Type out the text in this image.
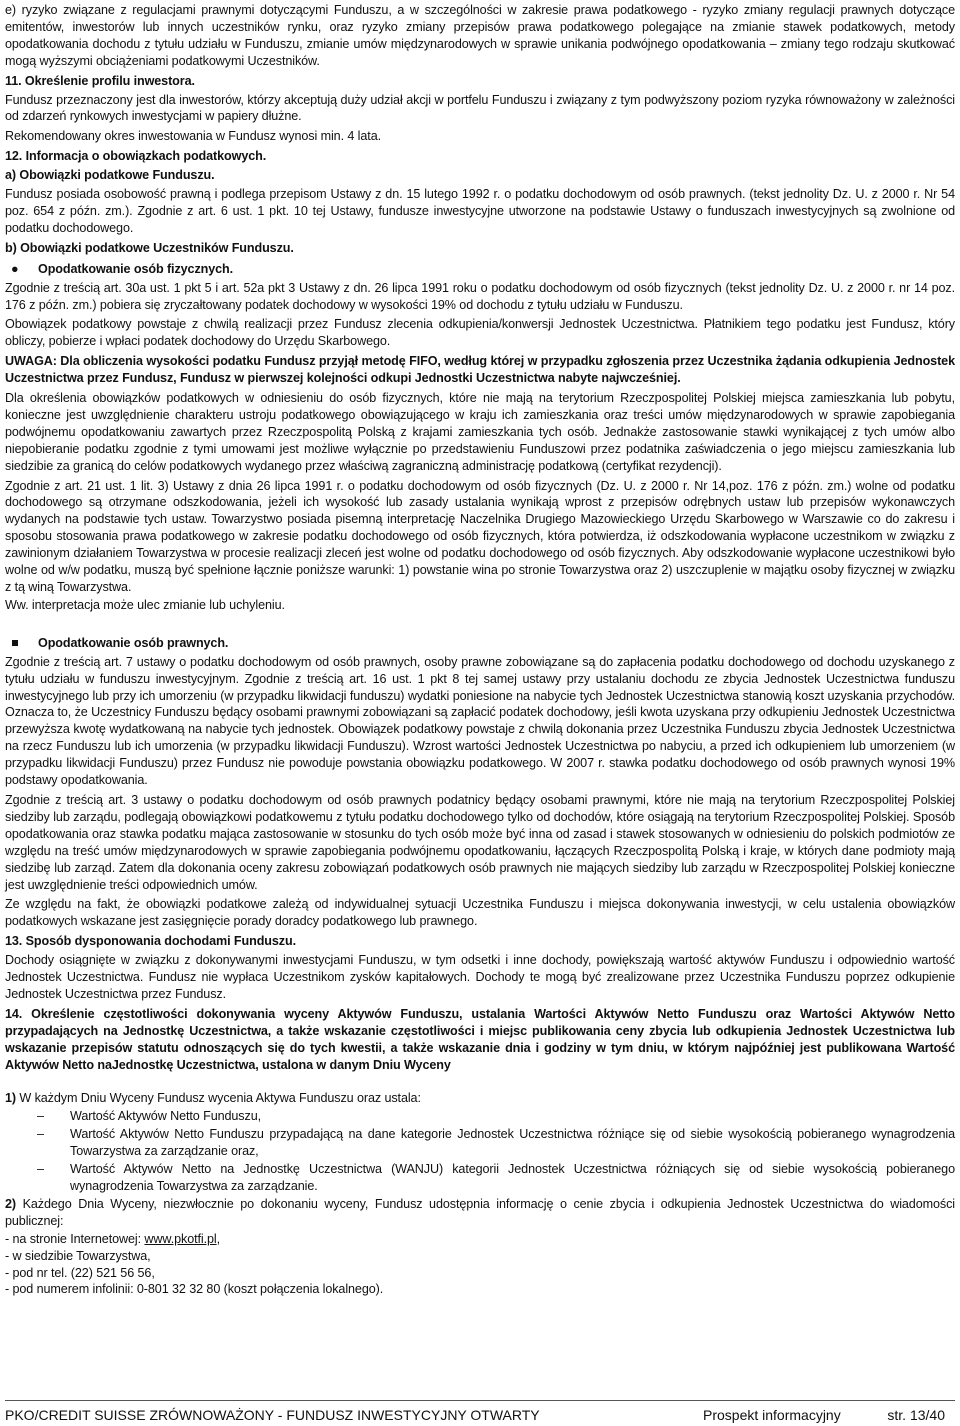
e) ryzyko związane z regulacjami prawnymi dotyczącymi Funduszu, a w szczególności w zakresie prawa podatkowego - ryzyko zmiany regulacji prawnych dotyczące emitentów, inwestorów lub innych uczestników rynku, oraz ryzyko zmiany przepisów prawa podatkowego polegające na zmianie stawek podatkowych, metody opodatkowania dochodu z tytułu udziału w Funduszu, zmianie umów międzynarodowych w sprawie unikania podwójnego opodatkowania – zmiany tego rodzaju skutkować mogą wyższymi obciążeniami podatkowymi Uczestników.

11. Określenie profilu inwestora.

Fundusz przeznaczony jest dla inwestorów, którzy akceptują duży udział akcji w portfelu Funduszu i związany z tym podwyższony poziom ryzyka równoważony w zależności od zdarzeń rynkowych inwestycjami w papiery dłużne.

Rekomendowany okres inwestowania w Fundusz wynosi min. 4 lata.

12. Informacja o obowiązkach podatkowych.
a) Obowiązki podatkowe Funduszu.

Fundusz posiada osobowość prawną i podlega przepisom Ustawy z dn. 15 lutego 1992 r. o podatku dochodowym od osób prawnych. (tekst jednolity Dz. U. z 2000 r. Nr 54 poz. 654 z późn. zm.). Zgodnie z art. 6 ust. 1 pkt. 10 tej Ustawy, fundusze inwestycyjne utworzone na podstawie Ustawy o funduszach inwestycyjnych są zwolnione od podatku dochodowego.

b) Obowiązki podatkowe Uczestników Funduszu.
● Opodatkowanie osób fizycznych.

Zgodnie z treścią art. 30a ust. 1 pkt 5 i art. 52a pkt 3 Ustawy z dn. 26 lipca 1991 roku o podatku dochodowym od osób fizycznych (tekst jednolity Dz. U. z 2000 r. nr 14 poz. 176 z późn. zm.) pobiera się zryczałtowany podatek dochodowy w wysokości 19% od dochodu z tytułu udziału w Funduszu.

Obowiązek podatkowy powstaje z chwilą realizacji przez Fundusz zlecenia odkupienia/konwersji Jednostek Uczestnictwa. Płatnikiem tego podatku jest Fundusz, który obliczy, pobierze i wpłaci podatek dochodowy do Urzędu Skarbowego.

UWAGA: Dla obliczenia wysokości podatku Fundusz przyjął metodę FIFO, według której w przypadku zgłoszenia przez Uczestnika żądania odkupienia Jednostek Uczestnictwa przez Fundusz, Fundusz w pierwszej kolejności odkupi Jednostki Uczestnictwa nabyte najwcześniej.

Dla określenia obowiązków podatkowych w odniesieniu do osób fizycznych, które nie mają na terytorium Rzeczpospolitej Polskiej miejsca zamieszkania lub pobytu, konieczne jest uwzględnienie charakteru ustroju podatkowego obowiązującego w kraju ich zamieszkania oraz treści umów międzynarodowych w sprawie zapobiegania podwójnemu opodatkowaniu zawartych przez Rzeczpospolitą Polską z krajami zamieszkania tych osób. Jednakże zastosowanie stawki wynikającej z tych umów albo niepobieranie podatku zgodnie z tymi umowami jest możliwe wyłącznie po przedstawieniu Funduszowi przez podatnika zaświadczenia o jego miejscu zamieszkania lub siedzibie za granicą do celów podatkowych wydanego przez właściwą zagraniczną administrację podatkową (certyfikat rezydencji).

Zgodnie z art. 21 ust. 1 lit. 3) Ustawy z dnia 26 lipca 1991 r. o podatku dochodowym od osób fizycznych (Dz. U. z 2000 r. Nr 14,poz. 176 z późn. zm.) wolne od podatku dochodowego są otrzymane odszkodowania, jeżeli ich wysokość lub zasady ustalania wynikają wprost z przepisów odrębnych ustaw lub przepisów wykonawczych wydanych na podstawie tych ustaw. Towarzystwo posiada pisemną interpretację Naczelnika Drugiego Mazowieckiego Urzędu Skarbowego w Warszawie co do zakresu i sposobu stosowania prawa podatkowego w zakresie podatku dochodowego od osób fizycznych, która potwierdza, iż odszkodowania wypłacone uczestnikom w związku z zawinionym działaniem Towarzystwa w procesie realizacji zleceń jest wolne od podatku dochodowego od osób fizycznych. Aby odszkodowanie wypłacone uczestnikowi było wolne od w/w podatku, muszą być spełnione łącznie poniższe warunki: 1) powstanie wina po stronie Towarzystwa oraz 2) uszczuplenie w majątku osoby fizycznej w związku z tą winą Towarzystwa.

Ww. interpretacja może ulec zmianie lub uchyleniu.

Opodatkowanie osób prawnych.

Zgodnie z treścią art. 7 ustawy o podatku dochodowym od osób prawnych, osoby prawne zobowiązane są do zapłacenia podatku dochodowego od dochodu uzyskanego z tytułu udziału w funduszu inwestycyjnym. Zgodnie z treścią art. 16 ust. 1 pkt 8 tej samej ustawy przy ustalaniu dochodu ze zbycia Jednostek Uczestnictwa funduszu inwestycyjnego lub przy ich umorzeniu (w przypadku likwidacji funduszu) wydatki poniesione na nabycie tych Jednostek Uczestnictwa stanowią koszt uzyskania przychodów. Oznacza to, że Uczestnicy Funduszu będący osobami prawnymi zobowiązani są zapłacić podatek dochodowy, jeśli kwota uzyskana przy odkupieniu Jednostek Uczestnictwa przewyższa kwotę wydatkowaną na nabycie tych jednostek. Obowiązek podatkowy powstaje z chwilą dokonania przez Uczestnika Funduszu zbycia Jednostek Uczestnictwa na rzecz Funduszu lub ich umorzenia (w przypadku likwidacji Funduszu). Wzrost wartości Jednostek Uczestnictwa po nabyciu, a przed ich odkupieniem lub umorzeniem (w przypadku likwidacji Funduszu) przez Fundusz nie powoduje powstania obowiązku podatkowego. W 2007 r. stawka podatku dochodowego od osób prawnych wynosi 19% podstawy opodatkowania.

Zgodnie z treścią art. 3 ustawy o podatku dochodowym od osób prawnych podatnicy będący osobami prawnymi, które nie mają na terytorium Rzeczpospolitej Polskiej siedziby lub zarządu, podlegają obowiązkowi podatkowemu z tytułu podatku dochodowego tylko od dochodów, które osiągają na terytorium Rzeczpospolitej Polskiej. Sposób opodatkowania oraz stawka podatku mająca zastosowanie w stosunku do tych osób może być inna od zasad i stawek stosowanych w odniesieniu do polskich podmiotów ze względu na treść umów międzynarodowych w sprawie zapobiegania podwójnemu opodatkowaniu, łączących Rzeczpospolitą Polską i kraje, w których dane podmioty mają siedzibę lub zarząd. Zatem dla dokonania oceny zakresu zobowiązań podatkowych osób prawnych nie mających siedziby lub zarządu w Rzeczpospolitej Polskiej konieczne jest uwzględnienie treści odpowiednich umów.

Ze względu na fakt, że obowiązki podatkowe zależą od indywidualnej sytuacji Uczestnika Funduszu i miejsca dokonywania inwestycji, w celu ustalenia obowiązków podatkowych wskazane jest zasięgnięcie porady doradcy podatkowego lub prawnego.

13. Sposób dysponowania dochodami Funduszu.

Dochody osiągnięte w związku z dokonywanymi inwestycjami Funduszu, w tym odsetki i inne dochody, powiększają wartość aktywów Funduszu i odpowiednio wartość Jednostek Uczestnictwa. Fundusz nie wypłaca Uczestnikom zysków kapitałowych. Dochody te mogą być zrealizowane przez Uczestnika Funduszu poprzez odkupienie Jednostek Uczestnictwa przez Fundusz.

14. Określenie częstotliwości dokonywania wyceny Aktywów Funduszu, ustalania Wartości Aktywów Netto Funduszu oraz Wartości Aktywów Netto przypadających na Jednostkę Uczestnictwa, a także wskazanie częstotliwości i miejsc publikowania ceny zbycia lub odkupienia Jednostek Uczestnictwa lub wskazanie przepisów statutu odnoszących się do tych kwestii, a także wskazanie dnia i godziny w tym dniu, w którym najpóźniej jest publikowana Wartość Aktywów Netto naJednostkę Uczestnictwa, ustalona w danym Dniu Wyceny

1) W każdym Dniu Wyceny Fundusz wycenia Aktywa Funduszu oraz ustala:

– Wartość Aktywów Netto Funduszu,
– Wartość Aktywów Netto Funduszu przypadającą na dane kategorie Jednostek Uczestnictwa różniące się od siebie wysokością pobieranego wynagrodzenia Towarzystwa za zarządzanie oraz,
– Wartość Aktywów Netto na Jednostkę Uczestnictwa (WANJU) kategorii Jednostek Uczestnictwa różniących się od siebie wysokością pobieranego wynagrodzenia Towarzystwa za zarządzanie.

2) Każdego Dnia Wyceny, niezwłocznie po dokonaniu wyceny, Fundusz udostępnia informację o cenie zbycia i odkupienia Jednostek Uczestnictwa do wiadomości publicznej:

- na stronie Internetowej: www.pkotfi.pl,

- w siedzibie Towarzystwa,

- pod nr tel. (22) 521 56 56,

- pod numerem infolinii: 0-801 32 32 80 (koszt połączenia lokalnego).

PKO/CREDIT SUISSE ZRÓWNOWAŻONY - FUNDUSZ INWESTYCYJNY OTWARTY	Prospekt informacyjny	str. 13/40
